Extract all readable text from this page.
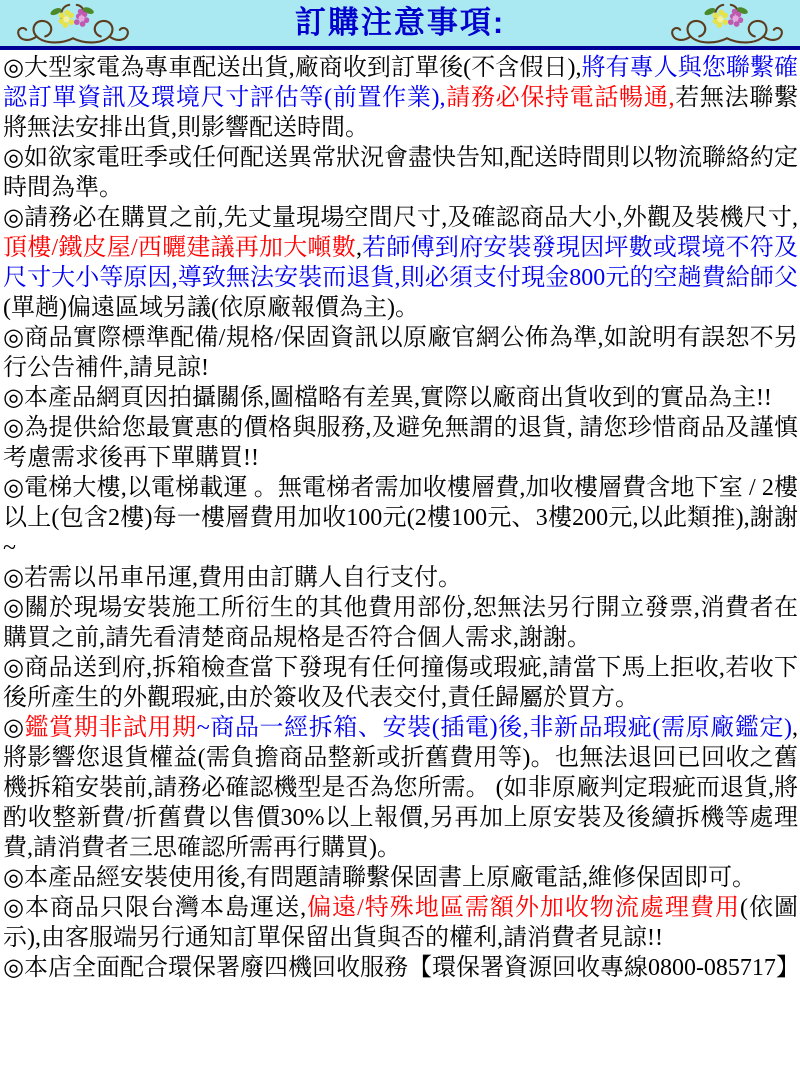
訂購注意事項:

◎大型家電為專車配送出貨,廠商收到訂單後(不含假日),將有專人與您聯繫確認訂單資訊及環境尺寸評估等(前置作業),請務必保持電話暢通,若無法聯繫將無法安排出貨,則影響配送時間。

◎如欲家電旺季或任何配送異常狀況會盡快告知,配送時間則以物流聯絡約定時間為準。

◎請務必在購買之前,先丈量現場空間尺寸,及確認商品大小,外觀及裝機尺寸,頂樓/鐵皮屋/西曬建議再加大噸數,若師傅到府安裝發現因坪數或環境不符及尺寸大小等原因,導致無法安裝而退貨,則必須支付現金800元的空趟費給師父(單趟)偏遠區域另議(依原廠報價為主)。

◎商品實際標準配備/規格/保固資訊以原廠官網公佈為準,如說明有誤恕不另行公告補件,請見諒!

◎本產品網頁因拍攝關係,圖檔略有差異,實際以廠商出貨收到的實品為主!!

◎為提供給您最實惠的價格與服務,及避免無謂的退貨, 請您珍惜商品及謹慎考慮需求後再下單購買!!

◎電梯大樓,以電梯載運 。無電梯者需加收樓層費,加收樓層費含地下室 / 2樓以上(包含2樓)每一樓層費用加收100元(2樓100元、3樓200元,以此類推),謝謝~

◎若需以吊車吊運,費用由訂購人自行支付。

◎關於現場安裝施工所衍生的其他費用部份,恕無法另行開立發票,消費者在購買之前,請先看清楚商品規格是否符合個人需求,謝謝。

◎商品送到府,拆箱檢查當下發現有任何撞傷或瑕疵,請當下馬上拒收,若收下後所產生的外觀瑕疵,由於簽收及代表交付,責任歸屬於買方。

◎鑑賞期非試用期~商品一經拆箱、安裝(插電)後,非新品瑕疵(需原廠鑑定),將影響您退貨權益(需負擔商品整新或折舊費用等)。也無法退回已回收之舊機拆箱安裝前,請務必確認機型是否為您所需。 (如非原廠判定瑕疵而退貨,將酌收整新費/折舊費以售價30%以上報價,另再加上原安裝及後續拆機等處理費,請消費者三思確認所需再行購買)。

◎本產品經安裝使用後,有問題請聯繫保固書上原廠電話,維修保固即可。

◎本商品只限台灣本島運送,偏遠/特殊地區需額外加收物流處理費用(依圖示),由客服端另行通知訂單保留出貨與否的權利,請消費者見諒!!

◎本店全面配合環保署廢四機回收服務【環保署資源回收專線0800-085717】
